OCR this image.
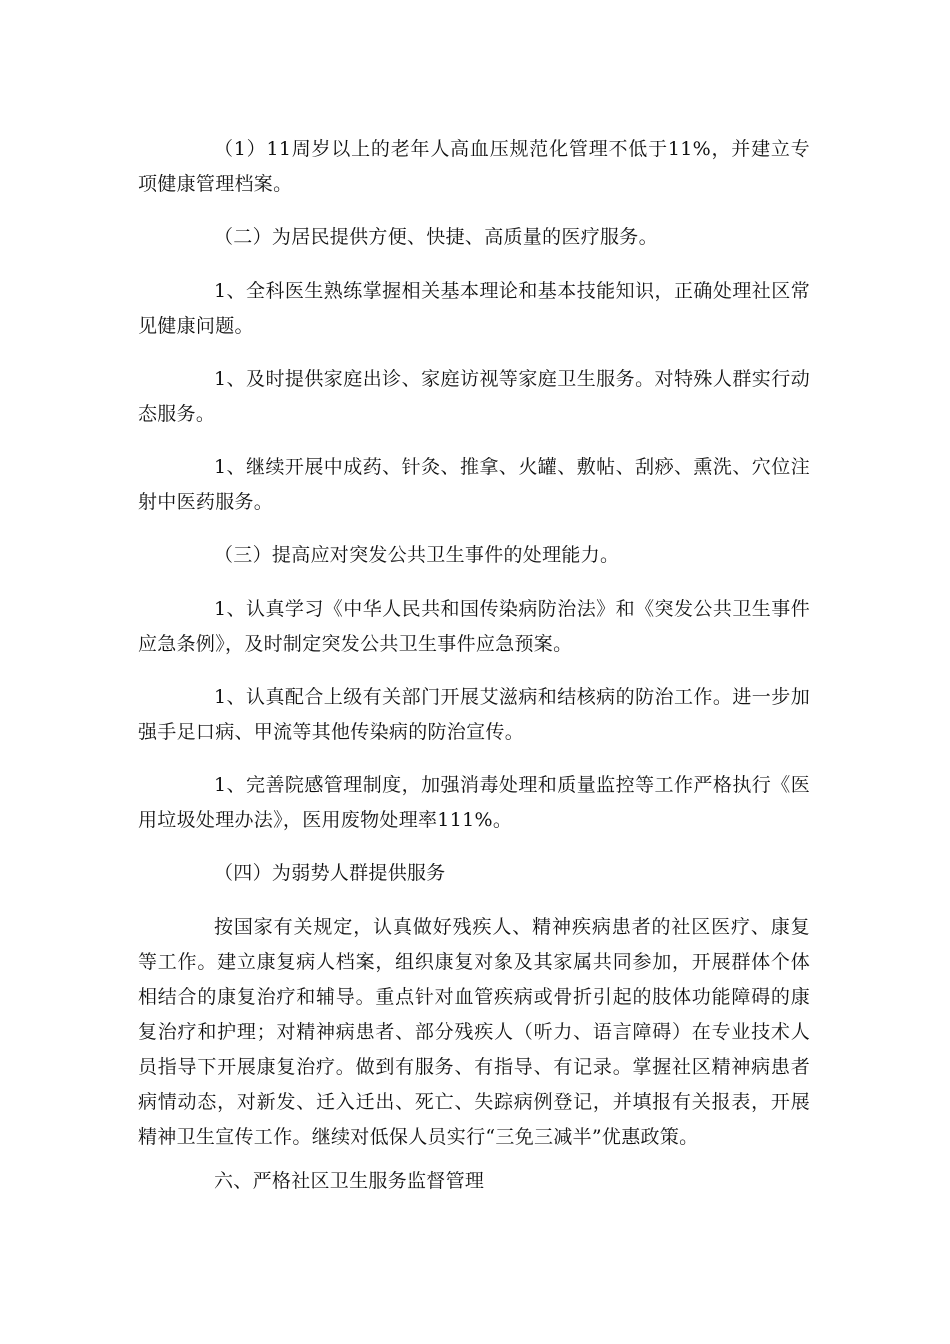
（1）11周岁以上的老年人高血压规范化管理不低于11%，并建立专项健康管理档案。

（二）为居民提供方便、快捷、高质量的医疗服务。

1、全科医生熟练掌握相关基本理论和基本技能知识，正确处理社区常见健康问题。

1、及时提供家庭出诊、家庭访视等家庭卫生服务。对特殊人群实行动态服务。

1、继续开展中成药、针灸、推拿、火罐、敷帖、刮痧、熏洗、穴位注射中医药服务。

（三）提高应对突发公共卫生事件的处理能力。

1、认真学习《中华人民共和国传染病防治法》和《突发公共卫生事件应急条例》，及时制定突发公共卫生事件应急预案。

1、认真配合上级有关部门开展艾滋病和结核病的防治工作。进一步加强手足口病、甲流等其他传染病的防治宣传。

1、完善院感管理制度，加强消毒处理和质量监控等工作严格执行《医用垃圾处理办法》，医用废物处理率111%。

（四）为弱势人群提供服务

按国家有关规定，认真做好残疾人、精神疾病患者的社区医疗、康复等工作。建立康复病人档案，组织康复对象及其家属共同参加，开展群体个体相结合的康复治疗和辅导。重点针对血管疾病或骨折引起的肢体功能障碍的康复治疗和护理；对精神病患者、部分残疾人（听力、语言障碍）在专业技术人员指导下开展康复治疗。做到有服务、有指导、有记录。掌握社区精神病患者病情动态，对新发、迁入迁出、死亡、失踪病例登记，并填报有关报表，开展精神卫生宣传工作。继续对低保人员实行“三免三减半”优惠政策。

六、严格社区卫生服务监督管理
